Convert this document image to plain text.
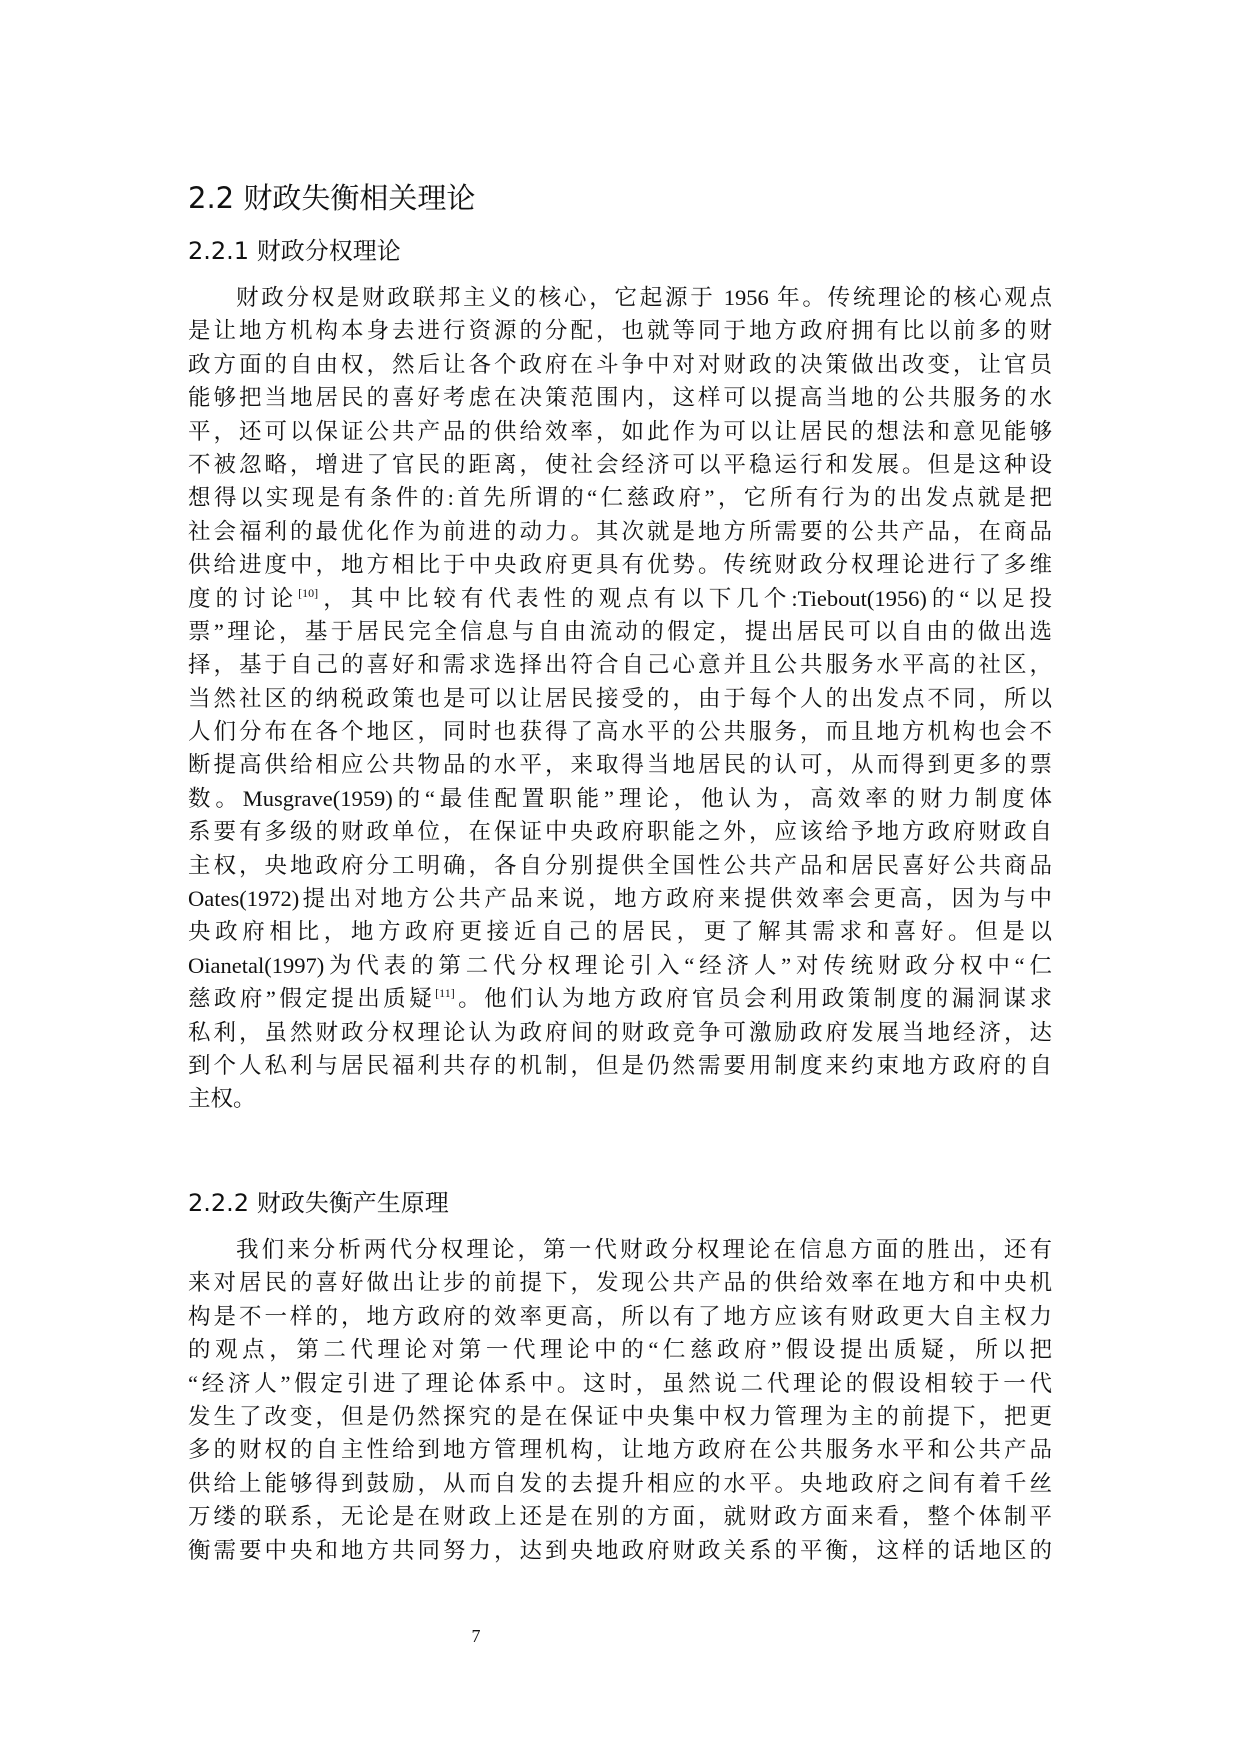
2.2 财政失衡相关理论
2.2.1 财政分权理论
财政分权是财政联邦主义的核心，它起源于 1956 年。传统理论的核心观点
是让地方机构本身去进行资源的分配，也就等同于地方政府拥有比以前多的财
政方面的自由权，然后让各个政府在斗争中对对财政的决策做出改变，让官员
能够把当地居民的喜好考虑在决策范围内，这样可以提高当地的公共服务的水
平，还可以保证公共产品的供给效率，如此作为可以让居民的想法和意见能够
不被忽略，增进了官民的距离，使社会经济可以平稳运行和发展。但是这种设
想得以实现是有条件的:首先所谓的“仁慈政府”，它所有行为的出发点就是把
社会福利的最优化作为前进的动力。其次就是地方所需要的公共产品，在商品
供给进度中，地方相比于中央政府更具有优势。传统财政分权理论进行了多维
度的讨论[10]，其中比较有代表性的观点有以下几个:Tiebout(1956)的“以足投
票”理论，基于居民完全信息与自由流动的假定，提出居民可以自由的做出选
择，基于自己的喜好和需求选择出符合自己心意并且公共服务水平高的社区，
当然社区的纳税政策也是可以让居民接受的，由于每个人的出发点不同，所以
人们分布在各个地区，同时也获得了高水平的公共服务，而且地方机构也会不
断提高供给相应公共物品的水平，来取得当地居民的认可，从而得到更多的票
数。Musgrave(1959)的“最佳配置职能”理论，他认为，高效率的财力制度体
系要有多级的财政单位，在保证中央政府职能之外，应该给予地方政府财政自
主权，央地政府分工明确，各自分别提供全国性公共产品和居民喜好公共商品
Oates(1972)提出对地方公共产品来说，地方政府来提供效率会更高，因为与中
央政府相比，地方政府更接近自己的居民，更了解其需求和喜好。但是以
Oianetal(1997)为代表的第二代分权理论引入“经济人”对传统财政分权中“仁
慈政府”假定提出质疑[11]。他们认为地方政府官员会利用政策制度的漏洞谋求
私利，虽然财政分权理论认为政府间的财政竞争可激励政府发展当地经济，达
到个人私利与居民福利共存的机制，但是仍然需要用制度来约束地方政府的自
主权。
2.2.2 财政失衡产生原理
我们来分析两代分权理论，第一代财政分权理论在信息方面的胜出，还有
来对居民的喜好做出让步的前提下，发现公共产品的供给效率在地方和中央机
构是不一样的，地方政府的效率更高，所以有了地方应该有财政更大自主权力
的观点，第二代理论对第一代理论中的“仁慈政府”假设提出质疑，所以把
“经济人”假定引进了理论体系中。这时，虽然说二代理论的假设相较于一代
发生了改变，但是仍然探究的是在保证中央集中权力管理为主的前提下，把更
多的财权的自主性给到地方管理机构，让地方政府在公共服务水平和公共产品
供给上能够得到鼓励，从而自发的去提升相应的水平。央地政府之间有着千丝
万缕的联系，无论是在财政上还是在别的方面，就财政方面来看，整个体制平
衡需要中央和地方共同努力，达到央地政府财政关系的平衡，这样的话地区的
7
